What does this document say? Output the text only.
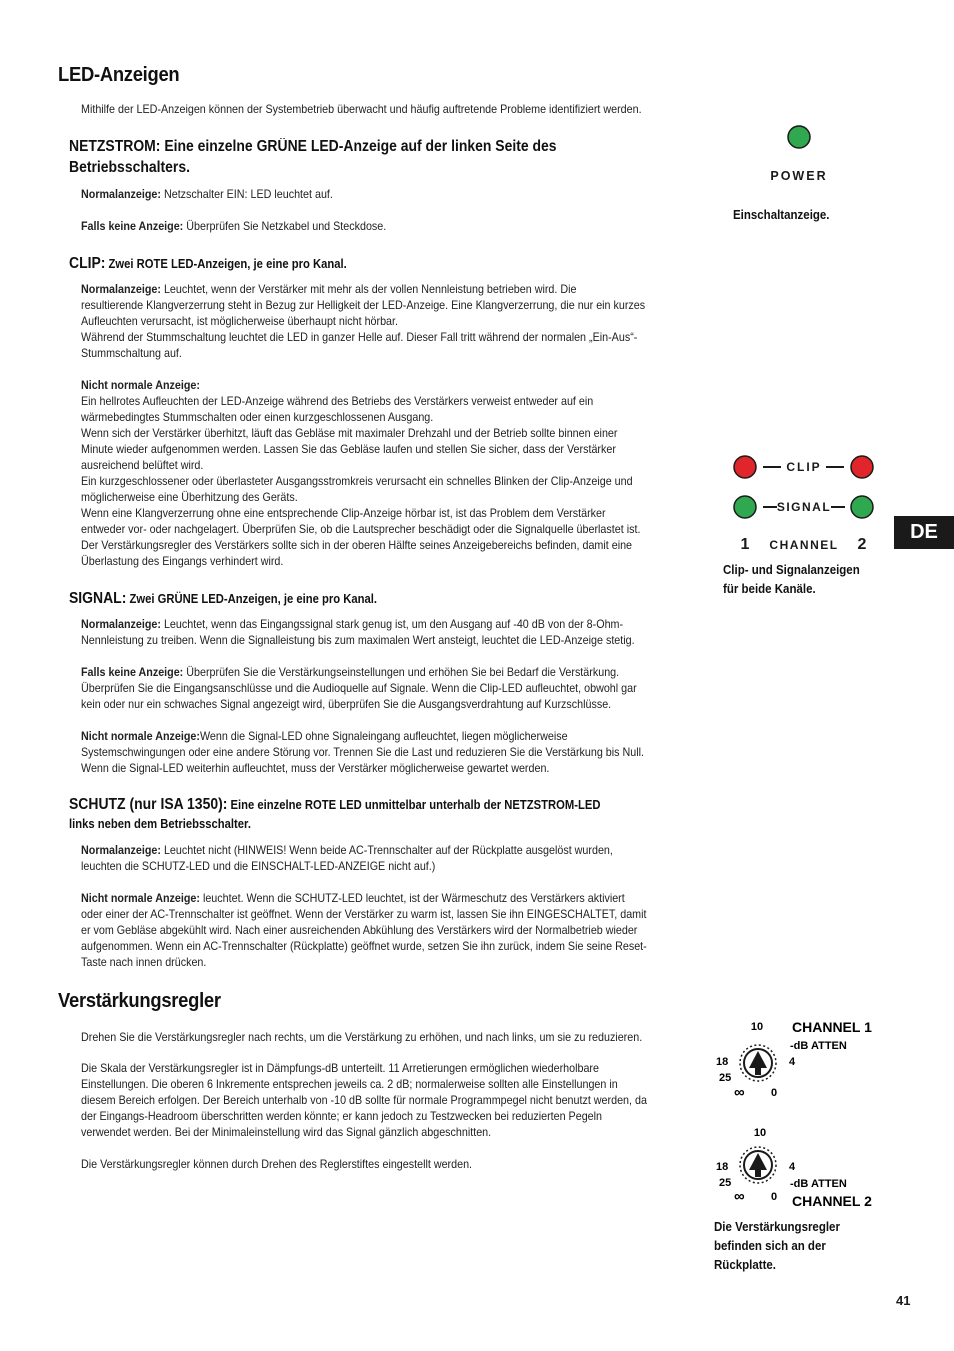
LED-Anzeigen

Mithilfe der LED-Anzeigen können der Systembetrieb überwacht und häufig auftretende Probleme identifiziert werden.

NETZSTROM: Eine einzelne GRÜNE LED-Anzeige auf der linken Seite des
Betriebsschalters.

Normalanzeige: Netzschalter EIN: LED leuchtet auf.

Falls keine Anzeige: Überprüfen Sie Netzkabel und Steckdose.

CLIP: Zwei ROTE LED-Anzeigen, je eine pro Kanal.

Normalanzeige: Leuchtet, wenn der Verstärker mit mehr als der vollen Nennleistung betrieben wird. Die
resultierende Klangverzerrung steht in Bezug zur Helligkeit der LED-Anzeige. Eine Klangverzerrung, die nur ein kurzes
Aufleuchten verursacht, ist möglicherweise überhaupt nicht hörbar.
Während der Stummschaltung leuchtet die LED in ganzer Helle auf. Dieser Fall tritt während der normalen „Ein-Aus“-
Stummschaltung auf.

Nicht normale Anzeige:
Ein hellrotes Aufleuchten der LED-Anzeige während des Betriebs des Verstärkers verweist entweder auf ein
wärmebedingtes Stummschalten oder einen kurzgeschlossenen Ausgang.
Wenn sich der Verstärker überhitzt, läuft das Gebläse mit maximaler Drehzahl und der Betrieb sollte binnen einer
Minute wieder aufgenommen werden. Lassen Sie das Gebläse laufen und stellen Sie sicher, dass der Verstärker
ausreichend belüftet wird.
Ein kurzgeschlossener oder überlasteter Ausgangsstromkreis verursacht ein schnelles Blinken der Clip-Anzeige und
möglicherweise eine Überhitzung des Geräts.
Wenn eine Klangverzerrung ohne eine entsprechende Clip-Anzeige hörbar ist, ist das Problem dem Verstärker
entweder vor- oder nachgelagert. Überprüfen Sie, ob die Lautsprecher beschädigt oder die Signalquelle überlastet ist.
Der Verstärkungsregler des Verstärkers sollte sich in der oberen Hälfte seines Anzeigebereichs befinden, damit eine
Überlastung des Eingangs verhindert wird.

SIGNAL: Zwei GRÜNE LED-Anzeigen, je eine pro Kanal.

Normalanzeige: Leuchtet, wenn das Eingangssignal stark genug ist, um den Ausgang auf -40 dB von der 8-Ohm-
Nennleistung zu treiben. Wenn die Signalleistung bis zum maximalen Wert ansteigt, leuchtet die LED-Anzeige stetig.

Falls keine Anzeige: Überprüfen Sie die Verstärkungseinstellungen und erhöhen Sie bei Bedarf die Verstärkung.
Überprüfen Sie die Eingangsanschlüsse und die Audioquelle auf Signale. Wenn die Clip-LED aufleuchtet, obwohl gar
kein oder nur ein schwaches Signal angezeigt wird, überprüfen Sie die Ausgangsverdrahtung auf Kurzschlüsse.

Nicht normale Anzeige:Wenn die Signal-LED ohne Signaleingang aufleuchtet, liegen möglicherweise
Systemschwingungen oder eine andere Störung vor. Trennen Sie die Last und reduzieren Sie die Verstärkung bis Null.
Wenn die Signal-LED weiterhin aufleuchtet, muss der Verstärker möglicherweise gewartet werden.

SCHUTZ (nur ISA 1350): Eine einzelne ROTE LED unmittelbar unterhalb der NETZSTROM-LED
links neben dem Betriebsschalter.

Normalanzeige: Leuchtet nicht (HINWEIS! Wenn beide AC-Trennschalter auf der Rückplatte ausgelöst wurden,
leuchten die SCHUTZ-LED und die EINSCHALT-LED-ANZEIGE nicht auf.)

Nicht normale Anzeige: leuchtet. Wenn die SCHUTZ-LED leuchtet, ist der Wärmeschutz des Verstärkers aktiviert
oder einer der AC-Trennschalter ist geöffnet. Wenn der Verstärker zu warm ist, lassen Sie ihn EINGESCHALTET, damit
er vom Gebläse abgekühlt wird. Nach einer ausreichenden Abkühlung des Verstärkers wird der Normalbetrieb wieder
aufgenommen. Wenn ein AC-Trennschalter (Rückplatte) geöffnet wurde, setzen Sie ihn zurück, indem Sie seine Reset-
Taste nach innen drücken.

Verstärkungsregler

Drehen Sie die Verstärkungsregler nach rechts, um die Verstärkung zu erhöhen, und nach links, um sie zu reduzieren.

Die Skala der Verstärkungsregler ist in Dämpfungs-dB unterteilt. 11 Arretierungen ermöglichen wiederholbare
Einstellungen. Die oberen 6 Inkremente entsprechen jeweils ca. 2 dB; normalerweise sollten alle Einstellungen in
diesem Bereich erfolgen. Der Bereich unterhalb von -10 dB sollte für normale Programmpegel nicht benutzt werden, da
der Eingangs-Headroom überschritten werden könnte; er kann jedoch zu Testzwecken bei reduzierten Pegeln
verwendet werden. Bei der Minimaleinstellung wird das Signal gänzlich abgeschnitten.

Die Verstärkungsregler können durch Drehen des Reglerstiftes eingestellt werden.

POWER

Einschaltanzeige.

CLIP
SIGNAL
1 CHANNEL 2

Clip- und Signalanzeigen
für beide Kanäle.

DE
10
18	4
25
∞ 0
CHANNEL 1
-dB ATTEN
10
18	4
25
∞ 0
-dB ATTEN
CHANNEL 2

Die Verstärkungsregler
befinden sich an der
Rückplatte.

41
